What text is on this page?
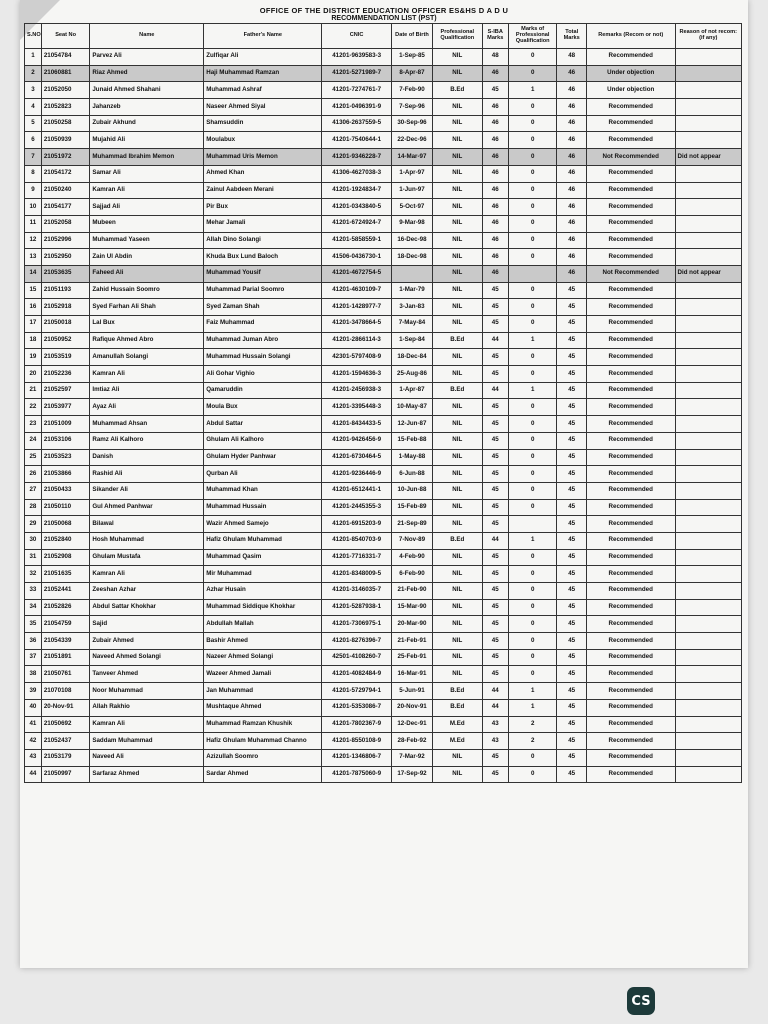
OFFICE OF THE DISTRICT EDUCATION OFFICER ES&HS D A D U
RECOMMENDATION LIST (PST)
S.NO	Seat No	Name	Father's Name	CNIC	Date of Birth	Professional Qualification	S-IBA Marks	Marks of Professional Qualification	Total Marks	Remarks (Recom or not)	Reason of not recom: (if any)
1	21054784	Parvez Ali	Zulfiqar Ali	41201-9639583-3	1-Sep-85	NIL	48	0	48	Recommended	
2	21060881	Riaz Ahmed	Haji Muhammad Ramzan	41201-5271989-7	8-Apr-87	NIL	46	0	46	Under objection	
3	21052050	Junaid Ahmed Shahani	Muhammad Ashraf	41201-7274761-7	7-Feb-90	B.Ed	45	1	46	Under objection	
4	21052823	Jahanzeb	Naseer Ahmed Siyal	41201-0496391-9	7-Sep-96	NIL	46	0	46	Recommended	
5	21050258	Zubair Akhund	Shamsuddin	41306-2637559-5	30-Sep-96	NIL	46	0	46	Recommended	
6	21050939	Mujahid Ali	Moulabux	41201-7540644-1	22-Dec-96	NIL	46	0	46	Recommended	
7	21051972	Muhammad Ibrahim Memon	Muhammad Uris Memon	41201-9346228-7	14-Mar-97	NIL	46	0	46	Not Recommended	Did not appear
8	21054172	Samar Ali	Ahmed Khan	41306-4627038-3	1-Apr-97	NIL	46	0	46	Recommended	
9	21050240	Kamran Ali	Zainul Aabdeen Merani	41201-1924834-7	1-Jun-97	NIL	46	0	46	Recommended	
10	21054177	Sajjad Ali	Pir Bux	41201-0343840-5	5-Oct-97	NIL	46	0	46	Recommended	
11	21052058	Mubeen	Mehar Jamali	41201-6724924-7	9-Mar-98	NIL	46	0	46	Recommended	
12	21052996	Muhammad Yaseen	Allah Dino Solangi	41201-5858559-1	16-Dec-98	NIL	46	0	46	Recommended	
13	21052950	Zain Ul Abdin	Khuda Bux Lund Baloch	41506-0436730-1	18-Dec-98	NIL	46	0	46	Recommended	
14	21053635	Faheed Ali	Muhammad Yousif	41201-4672754-5		NIL	46		46	Not Recommended	Did not appear
15	21051193	Zahid Hussain Soomro	Muhammad Parial Soomro	41201-4630109-7	1-Mar-79	NIL	45	0	45	Recommended	
16	21052918	Syed Farhan Ali Shah	Syed Zaman Shah	41201-1428977-7	3-Jan-83	NIL	45	0	45	Recommended	
17	21050018	Lal Bux	Faiz Muhammad	41201-3478664-5	7-May-84	NIL	45	0	45	Recommended	
18	21050952	Rafique Ahmed Abro	Muhammad Juman Abro	41201-2866114-3	1-Sep-84	B.Ed	44	1	45	Recommended	
19	21053519	Amanullah Solangi	Muhammad Hussain Solangi	42301-5797408-9	18-Dec-84	NIL	45	0	45	Recommended	
20	21052236	Kamran Ali	Ali Gohar Vighio	41201-1594636-3	25-Aug-86	NIL	45	0	45	Recommended	
21	21052597	Imtiaz Ali	Qamaruddin	41201-2456938-3	1-Apr-87	B.Ed	44	1	45	Recommended	
22	21053977	Ayaz Ali	Moula Bux	41201-3395448-3	10-May-87	NIL	45	0	45	Recommended	
23	21051009	Muhammad Ahsan	Abdul Sattar	41201-8434433-5	12-Jun-87	NIL	45	0	45	Recommended	
24	21053106	Ramz Ali Kalhoro	Ghulam Ali Kalhoro	41201-9426456-9	15-Feb-88	NIL	45	0	45	Recommended	
25	21053523	Danish	Ghulam Hyder Panhwar	41201-6730464-5	1-May-88	NIL	45	0	45	Recommended	
26	21053866	Rashid Ali	Qurban Ali	41201-9236446-9	6-Jun-88	NIL	45	0	45	Recommended	
27	21050433	Sikander Ali	Muhammad Khan	41201-6512441-1	10-Jun-88	NIL	45	0	45	Recommended	
28	21050110	Gul Ahmed Panhwar	Muhammad Hussain	41201-2445355-3	15-Feb-89	NIL	45	0	45	Recommended	
29	21050068	Bilawal	Wazir Ahmed Samejo	41201-6915203-9	21-Sep-89	NIL	45		45	Recommended	
30	21052840	Hosh Muhammad	Hafiz Ghulam Muhammad	41201-8540703-9	7-Nov-89	B.Ed	44	1	45	Recommended	
31	21052908	Ghulam Mustafa	Muhammad Qasim	41201-7716331-7	4-Feb-90	NIL	45	0	45	Recommended	
32	21051635	Kamran Ali	Mir Muhammad	41201-8348009-5	6-Feb-90	NIL	45	0	45	Recommended	
33	21052441	Zeeshan Azhar	Azhar Husain	41201-3146035-7	21-Feb-90	NIL	45	0	45	Recommended	
34	21052826	Abdul Sattar Khokhar	Muhammad Siddique Khokhar	41201-5287938-1	15-Mar-90	NIL	45	0	45	Recommended	
35	21054759	Sajid	Abdullah Mallah	41201-7306975-1	20-Mar-90	NIL	45	0	45	Recommended	
36	21054339	Zubair Ahmed	Bashir Ahmed	41201-8276396-7	21-Feb-91	NIL	45	0	45	Recommended	
37	21051891	Naveed Ahmed Solangi	Nazeer Ahmed Solangi	42501-4108260-7	25-Feb-91	NIL	45	0	45	Recommended	
38	21050761	Tanveer Ahmed	Wazeer Ahmed Jamali	41201-4082484-9	16-Mar-91	NIL	45	0	45	Recommended	
39	21070108	Noor Muhammad	Jan Muhammad	41201-5729794-1	5-Jun-91	B.Ed	44	1	45	Recommended	
40	20-Nov-91	Allah Rakhio	Mushtaque Ahmed	41201-5353086-7	20-Nov-91	B.Ed	44	1	45	Recommended	
41	21050692	Kamran Ali	Muhammad Ramzan Khushik	41201-7802367-9	12-Dec-91	M.Ed	43	2	45	Recommended	
42	21052437	Saddam Muhammad	Hafiz Ghulam Muhammad Channo	41201-8550108-9	28-Feb-92	M.Ed	43	2	45	Recommended	
43	21053179	Naveed Ali	Azizullah Soomro	41201-1346806-7	7-Mar-92	NIL	45	0	45	Recommended	
44	21050997	Sarfaraz Ahmed	Sardar Ahmed	41201-7875060-9	17-Sep-92	NIL	45	0	45	Recommended	
CS
